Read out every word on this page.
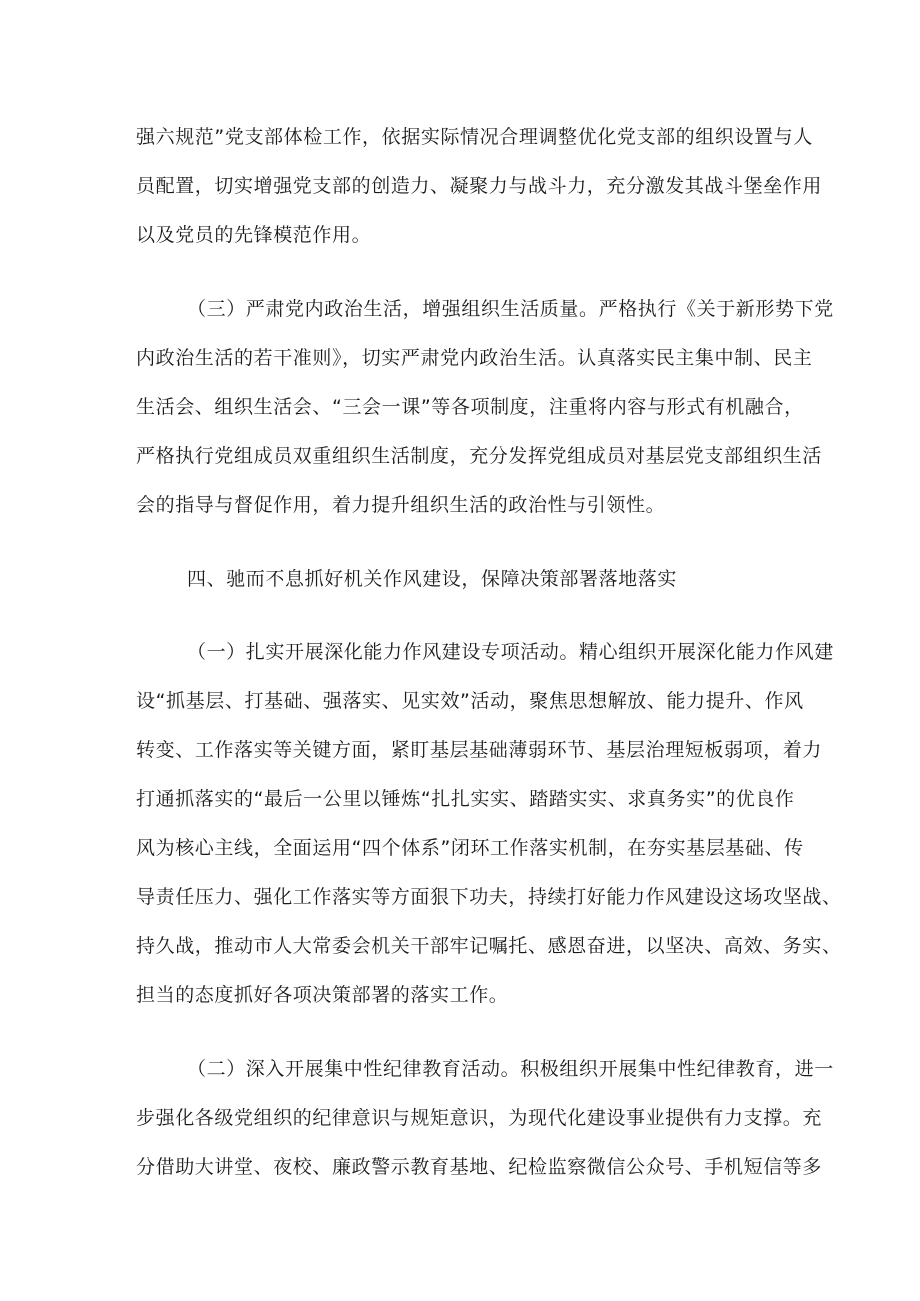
强六规范”党支部体检工作，依据实际情况合理调整优化党支部的组织设置与人
员配置，切实增强党支部的创造力、凝聚力与战斗力，充分激发其战斗堡垒作用
以及党员的先锋模范作用。
（三）严肃党内政治生活，增强组织生活质量。严格执行《关于新形势下党
内政治生活的若干准则》，切实严肃党内政治生活。认真落实民主集中制、民主
生活会、组织生活会、“三会一课”等各项制度，注重将内容与形式有机融合，
严格执行党组成员双重组织生活制度，充分发挥党组成员对基层党支部组织生活
会的指导与督促作用，着力提升组织生活的政治性与引领性。
四、驰而不息抓好机关作风建设，保障决策部署落地落实
（一）扎实开展深化能力作风建设专项活动。精心组织开展深化能力作风建
设“抓基层、打基础、强落实、见实效”活动，聚焦思想解放、能力提升、作风
转变、工作落实等关键方面，紧盯基层基础薄弱环节、基层治理短板弱项，着力
打通抓落实的“最后一公里以锤炼“扎扎实实、踏踏实实、求真务实”的优良作
风为核心主线，全面运用“四个体系”闭环工作落实机制，在夯实基层基础、传
导责任压力、强化工作落实等方面狠下功夫，持续打好能力作风建设这场攻坚战、
持久战，推动市人大常委会机关干部牢记嘱托、感恩奋进，以坚决、高效、务实、
担当的态度抓好各项决策部署的落实工作。
（二）深入开展集中性纪律教育活动。积极组织开展集中性纪律教育，进一
步强化各级党组织的纪律意识与规矩意识，为现代化建设事业提供有力支撑。充
分借助大讲堂、夜校、廉政警示教育基地、纪检监察微信公众号、手机短信等多
